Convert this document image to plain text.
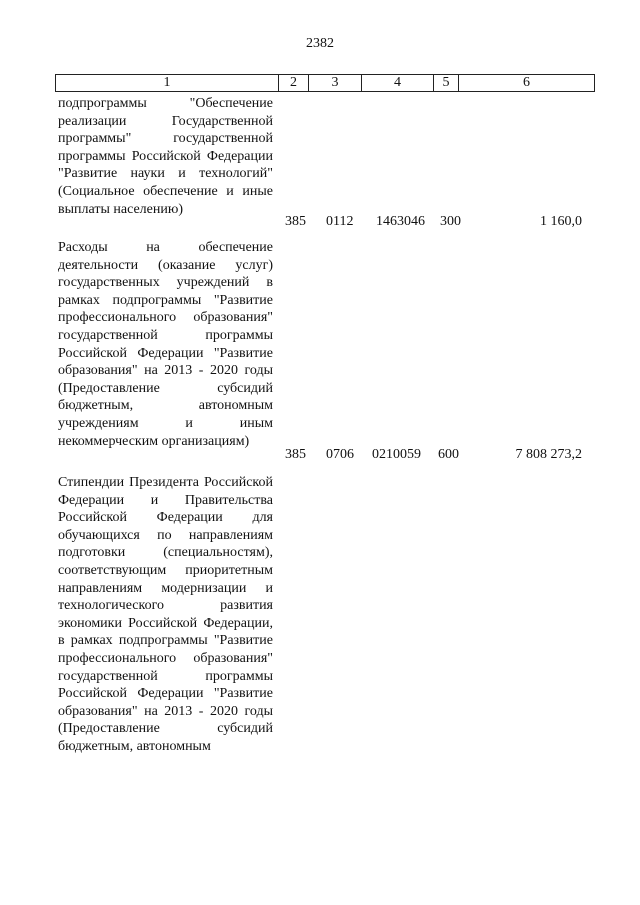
2382
1	2	3	4	5	6
подпрограммы "Обеспечение реализации Государственной программы" государственной программы Российской Федерации "Развитие науки и технологий" (Социальное обеспечение и иные выплаты населению)
385 0112 1463046 300	1 160,0
Расходы на обеспечение деятельности (оказание услуг) государственных учреждений в рамках подпрограммы "Развитие профессионального образования" государственной программы Российской Федерации "Развитие образования" на 2013 - 2020 годы (Предоставление субсидий бюджетным, автономным учреждениям и иным некоммерческим организациям)
385 0706 0210059 600	7 808 273,2
Стипендии Президента Российской Федерации и Правительства Российской Федерации для обучающихся по направлениям подготовки (специальностям), соответствующим приоритетным направлениям модернизации и технологического развития экономики Российской Федерации, в рамках подпрограммы "Развитие профессионального образования" государственной программы Российской Федерации "Развитие образования" на 2013 - 2020 годы (Предоставление субсидий бюджетным, автономным
